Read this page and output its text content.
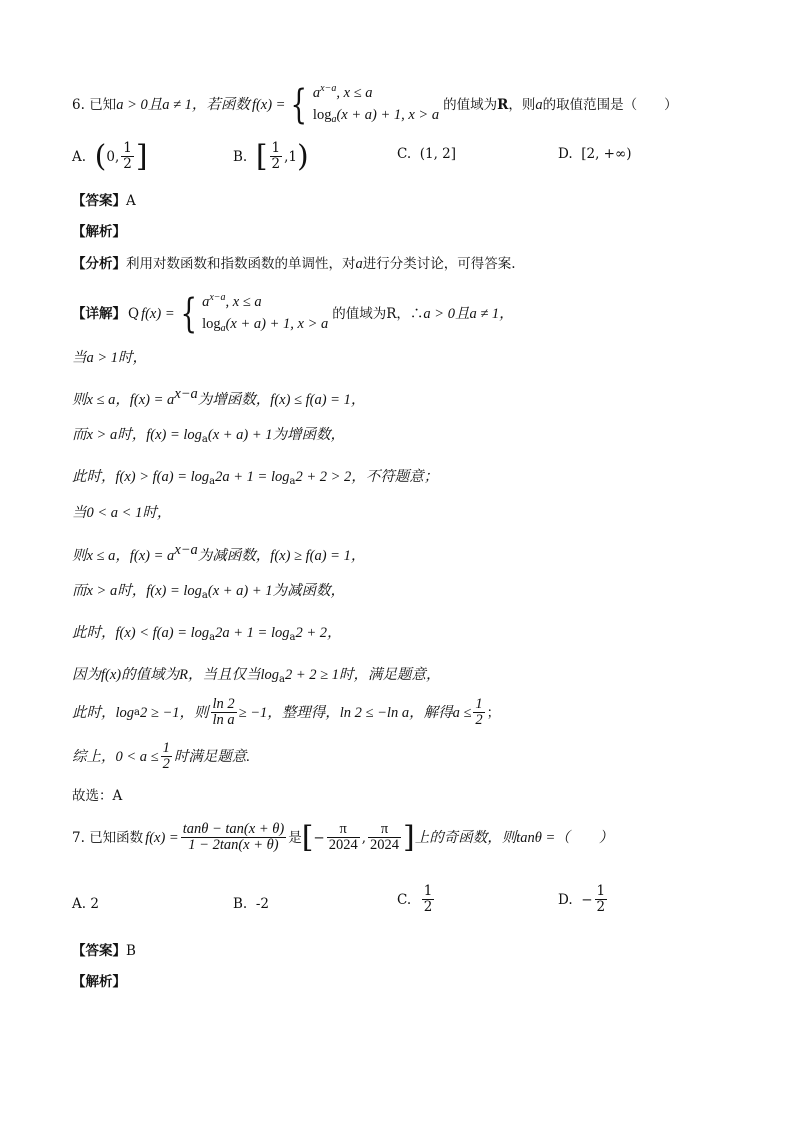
6.
已知 a > 0且a ≠ 1，若函数 f(x) = { $a^{x-a}$, x ≤ a
$\log_a(x + a) + 1$, x > a
的值域为 R ，则 a 的取值范围是（　　）
A.
( 0, $\frac{1}{2}$ ]	B.
[ $\frac{1}{2} ,1$ )	C. (1, 2]	D. [2, +∞)
【答案】A
【解析】
【分析】利用对数函数和指数函数的单调性，对a进行分类讨论，可得答案.
【详解】 Q f(x) = { $a^{x-a}$, x ≤ a
$\log_a(x + a) + 1$, x > a
的值域为R，∴ a > 0且a ≠ 1，
当a > 1时，
则x ≤ a，$f(x) = a^{x-a}$为增函数，f(x) ≤ f(a) = 1，
而x > a时，$f(x) = \log_a(x + a) + 1$为增函数，
此时，$f(x) > f(a) = \log_a2a + 1 = \log_a2 + 2 > 2$，不符题意；
当0 < a < 1时，
则x ≤ a，$f(x) = a^{x-a}$为减函数，f(x) ≥ f(a) = 1，
而x > a时，$f(x) = \log_a(x + a) + 1$为减函数，
此时，$f(x) < f(a) = \log_a2a + 1 = \log_a2 + 2$，
因为f(x)的值域为R，当且仅当$\log_a2 + 2 \ge 1$时，满足题意，
此时，log a 2 ≥ −1，则 $\frac{\ln 2}{\text{ln a}} \ge -1$，整理得，ln 2 ≤ −ln a，解得$a \le \frac{1}{2}$ ；
综上，$0 < a \le \frac{1}{2}$ 时满足题意.
故选：A
7.
已知函数 $f(x) = \frac{\tan\theta - \tan(x + \theta)}{1 - 2\tan(x + \theta)}$ 是 [ − $\frac{\pi}{2024}$ , $\frac{\pi}{2024}$ ] 上的奇函数，则tanθ =（　　）
A. 2	B. -2	C.
$\frac{1}{2}$	D.
− $\frac{1}{2}$
【答案】B
【解析】
